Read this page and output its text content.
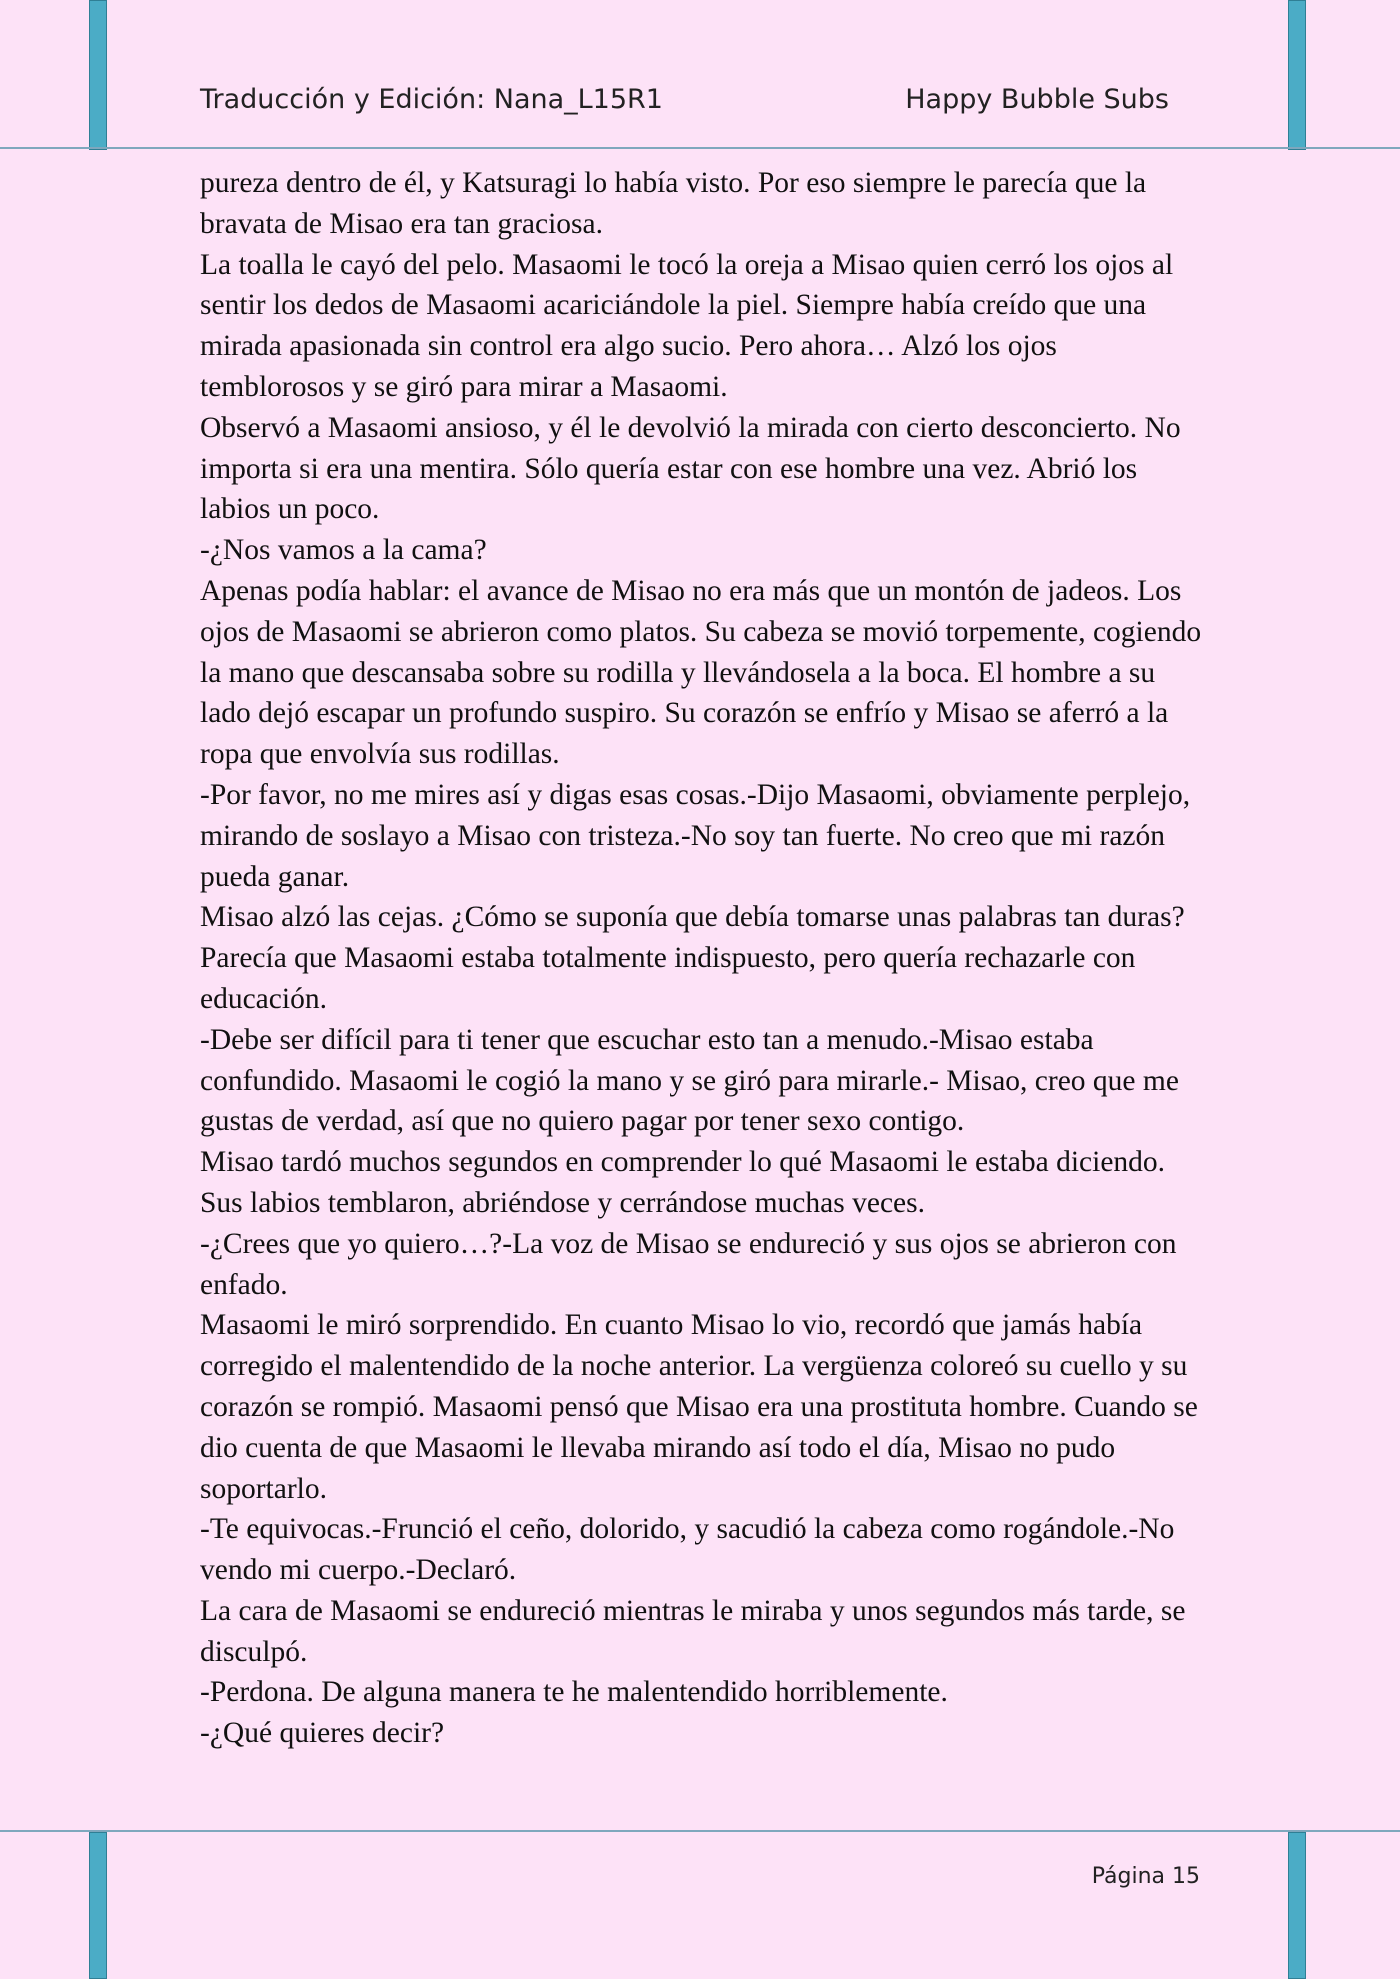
Traducción y Edición: Nana_L15R1	Happy Bubble Subs

pureza dentro de él, y Katsuragi lo había visto. Por eso siempre le parecía que la bravata de Misao era tan graciosa.

La toalla le cayó del pelo. Masaomi le tocó la oreja a Misao quien cerró los ojos al sentir los dedos de Masaomi acariciándole la piel. Siempre había creído que una mirada apasionada sin control era algo sucio. Pero ahora… Alzó los ojos temblorosos y se giró para mirar a Masaomi.

Observó a Masaomi ansioso, y él le devolvió la mirada con cierto desconcierto. No importa si era una mentira. Sólo quería estar con ese hombre una vez. Abrió los labios un poco.

-¿Nos vamos a la cama?

Apenas podía hablar: el avance de Misao no era más que un montón de jadeos. Los ojos de Masaomi se abrieron como platos. Su cabeza se movió torpemente, cogiendo la mano que descansaba sobre su rodilla y llevándosela a la boca. El hombre a su lado dejó escapar un profundo suspiro. Su corazón se enfrío y Misao se aferró a la ropa que envolvía sus rodillas.

-Por favor, no me mires así y digas esas cosas.-Dijo Masaomi, obviamente perplejo, mirando de soslayo a Misao con tristeza.-No soy tan fuerte. No creo que mi razón pueda ganar.

Misao alzó las cejas. ¿Cómo se suponía que debía tomarse unas palabras tan duras? Parecía que Masaomi estaba totalmente indispuesto, pero quería rechazarle con educación.

-Debe ser difícil para ti tener que escuchar esto tan a menudo.-Misao estaba confundido. Masaomi le cogió la mano y se giró para mirarle.- Misao, creo que me gustas de verdad, así que no quiero pagar por tener sexo contigo.

Misao tardó muchos segundos en comprender lo qué Masaomi le estaba diciendo. Sus labios temblaron, abriéndose y cerrándose muchas veces.

-¿Crees que yo quiero…?-La voz de Misao se endureció y sus ojos se abrieron con enfado.

Masaomi le miró sorprendido. En cuanto Misao lo vio, recordó que jamás había corregido el malentendido de la noche anterior. La vergüenza coloreó su cuello y su corazón se rompió. Masaomi pensó que Misao era una prostituta hombre. Cuando se dio cuenta de que Masaomi le llevaba mirando así todo el día, Misao no pudo soportarlo.

-Te equivocas.-Frunció el ceño, dolorido, y sacudió la cabeza como rogándole.-No vendo mi cuerpo.-Declaró.

La cara de Masaomi se endureció mientras le miraba y unos segundos más tarde, se disculpó.

-Perdona. De alguna manera te he malentendido horriblemente.

-¿Qué quieres decir?

Página 15
